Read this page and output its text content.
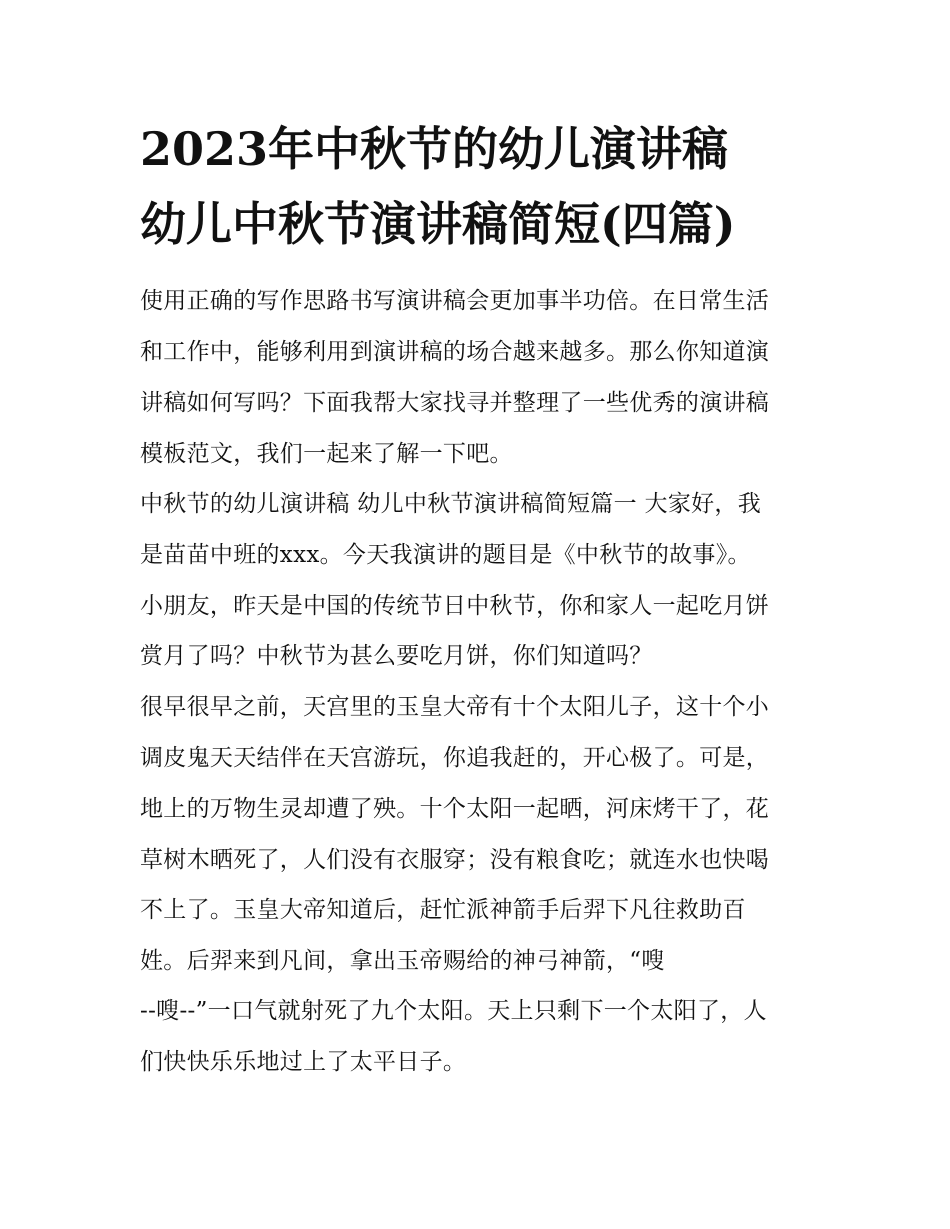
2023年中秋节的幼儿演讲稿
幼儿中秋节演讲稿简短(四篇)
使用正确的写作思路书写演讲稿会更加事半功倍。在日常生活
和工作中，能够利用到演讲稿的场合越来越多。那么你知道演
讲稿如何写吗？下面我帮大家找寻并整理了一些优秀的演讲稿
模板范文，我们一起来了解一下吧。
中秋节的幼儿演讲稿 幼儿中秋节演讲稿简短篇一 大家好，我
是苗苗中班的xxx。今天我演讲的题目是《中秋节的故事》。
小朋友，昨天是中国的传统节日中秋节，你和家人一起吃月饼
赏月了吗？中秋节为甚么要吃月饼，你们知道吗？
很早很早之前，天宫里的玉皇大帝有十个太阳儿子，这十个小
调皮鬼天天结伴在天宫游玩，你追我赶的，开心极了。可是，
地上的万物生灵却遭了殃。十个太阳一起晒，河床烤干了，花
草树木晒死了，人们没有衣服穿；没有粮食吃；就连水也快喝
不上了。玉皇大帝知道后，赶忙派神箭手后羿下凡往救助百
姓。后羿来到凡间，拿出玉帝赐给的神弓神箭，“嗖
--嗖--”一口气就射死了九个太阳。天上只剩下一个太阳了，人
们快快乐乐地过上了太平日子。
